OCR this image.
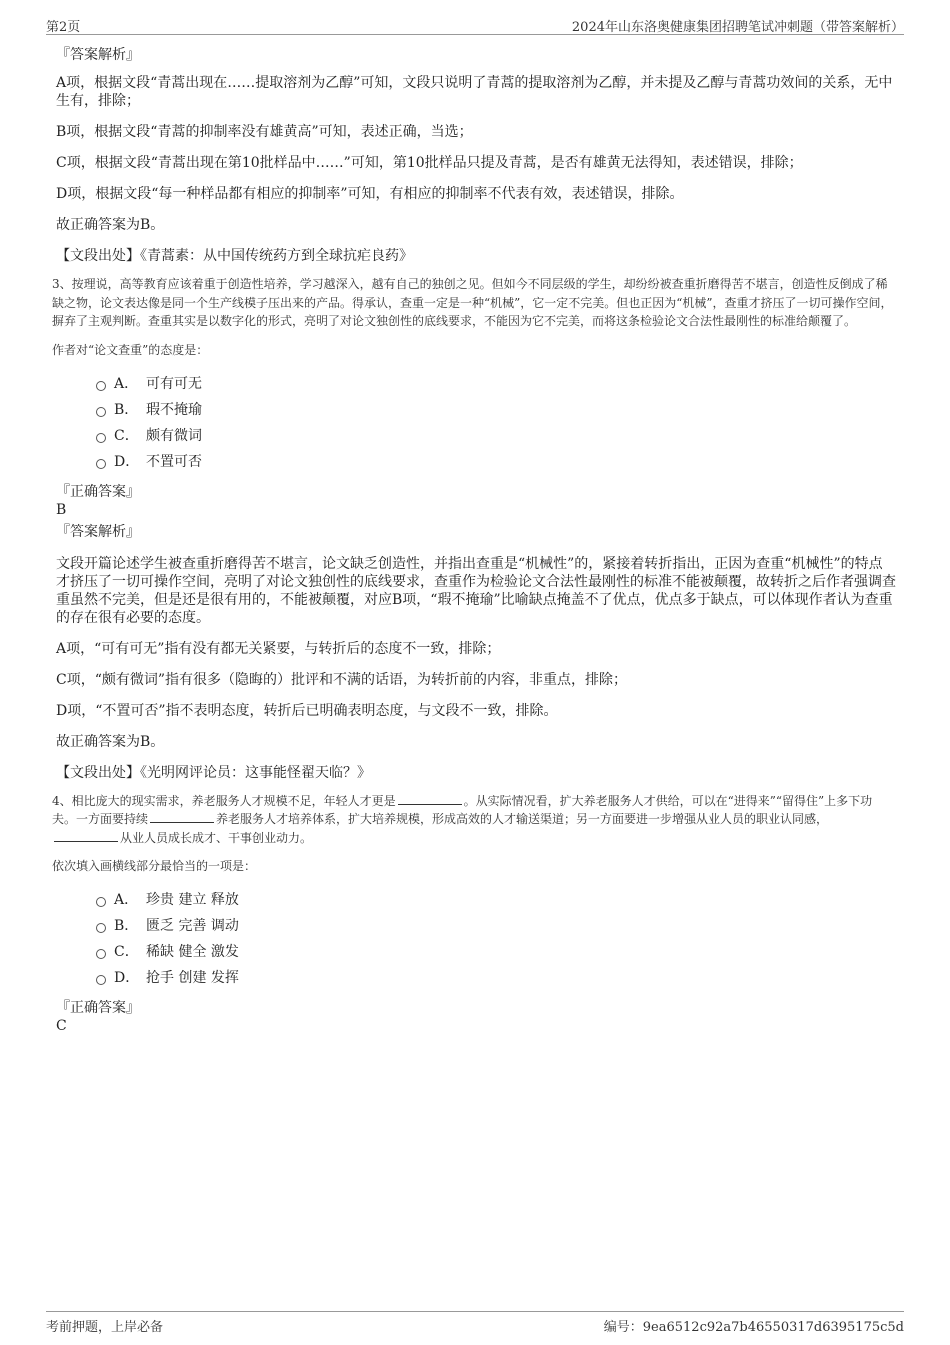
第2页	2024年山东洛奥健康集团招聘笔试冲刺题（带答案解析）
『答案解析』

A项，根据文段“青蒿出现在……提取溶剂为乙醇”可知，文段只说明了青蒿的提取溶剂为乙醇，并未提及乙醇与青蒿功效间的关系，无中生有，排除；

B项，根据文段“青蒿的抑制率没有雄黄高”可知，表述正确，当选；

C项，根据文段“青蒿出现在第10批样品中……”可知，第10批样品只提及青蒿，是否有雄黄无法得知，表述错误，排除；

D项，根据文段“每一种样品都有相应的抑制率”可知，有相应的抑制率不代表有效，表述错误，排除。

故正确答案为B。

【文段出处】《青蒿素：从中国传统药方到全球抗疟良药》

3、按理说，高等教育应该着重于创造性培养，学习越深入，越有自己的独创之见。但如今不同层级的学生，却纷纷被查重折磨得苦不堪言，创造性反倒成了稀缺之物，论文表达像是同一个生产线模子压出来的产品。得承认，查重一定是一种“机械”，它一定不完美。但也正因为“机械”，查重才挤压了一切可操作空间，摒弃了主观判断。查重其实是以数字化的形式，亮明了对论文独创性的底线要求，不能因为它不完美，而将这条检验论文合法性最刚性的标准给颠覆了。

作者对“论文查重”的态度是：

A． 可有可无
B． 瑕不掩瑜
C． 颇有微词
D． 不置可否
『正确答案』
B
『答案解析』

文段开篇论述学生被查重折磨得苦不堪言，论文缺乏创造性，并指出查重是“机械性”的，紧接着转折指出，正因为查重“机械性”的特点才挤压了一切可操作空间，亮明了对论文独创性的底线要求，查重作为检验论文合法性最刚性的标准不能被颠覆，故转折之后作者强调查重虽然不完美，但是还是很有用的，不能被颠覆，对应B项，“瑕不掩瑜”比喻缺点掩盖不了优点，优点多于缺点，可以体现作者认为查重的存在很有必要的态度。

A项，“可有可无”指有没有都无关紧要，与转折后的态度不一致，排除；

C项，“颇有微词”指有很多（隐晦的）批评和不满的话语，为转折前的内容，非重点，排除；

D项，“不置可否”指不表明态度，转折后已明确表明态度，与文段不一致，排除。

故正确答案为B。

【文段出处】《光明网评论员：这事能怪翟天临？》

4、相比庞大的现实需求，养老服务人才规模不足，年轻人才更是	。从实际情况看，扩大养老服务人才供给，可以在“进得来”“留得住”上多下功夫。一方面要持续	养老服务人才培养体系，扩大培养规模，形成高效的人才输送渠道；另一方面要进一步增强从业人员的职业认同感，从业人员成长成才、干事创业动力。

依次填入画横线部分最恰当的一项是：

A． 珍贵 建立 释放
B． 匮乏 完善 调动
C． 稀缺 健全 激发
D． 抢手 创建 发挥
『正确答案』
C
考前押题，上岸必备	编号：9ea6512c92a7b46550317d6395175c5d
